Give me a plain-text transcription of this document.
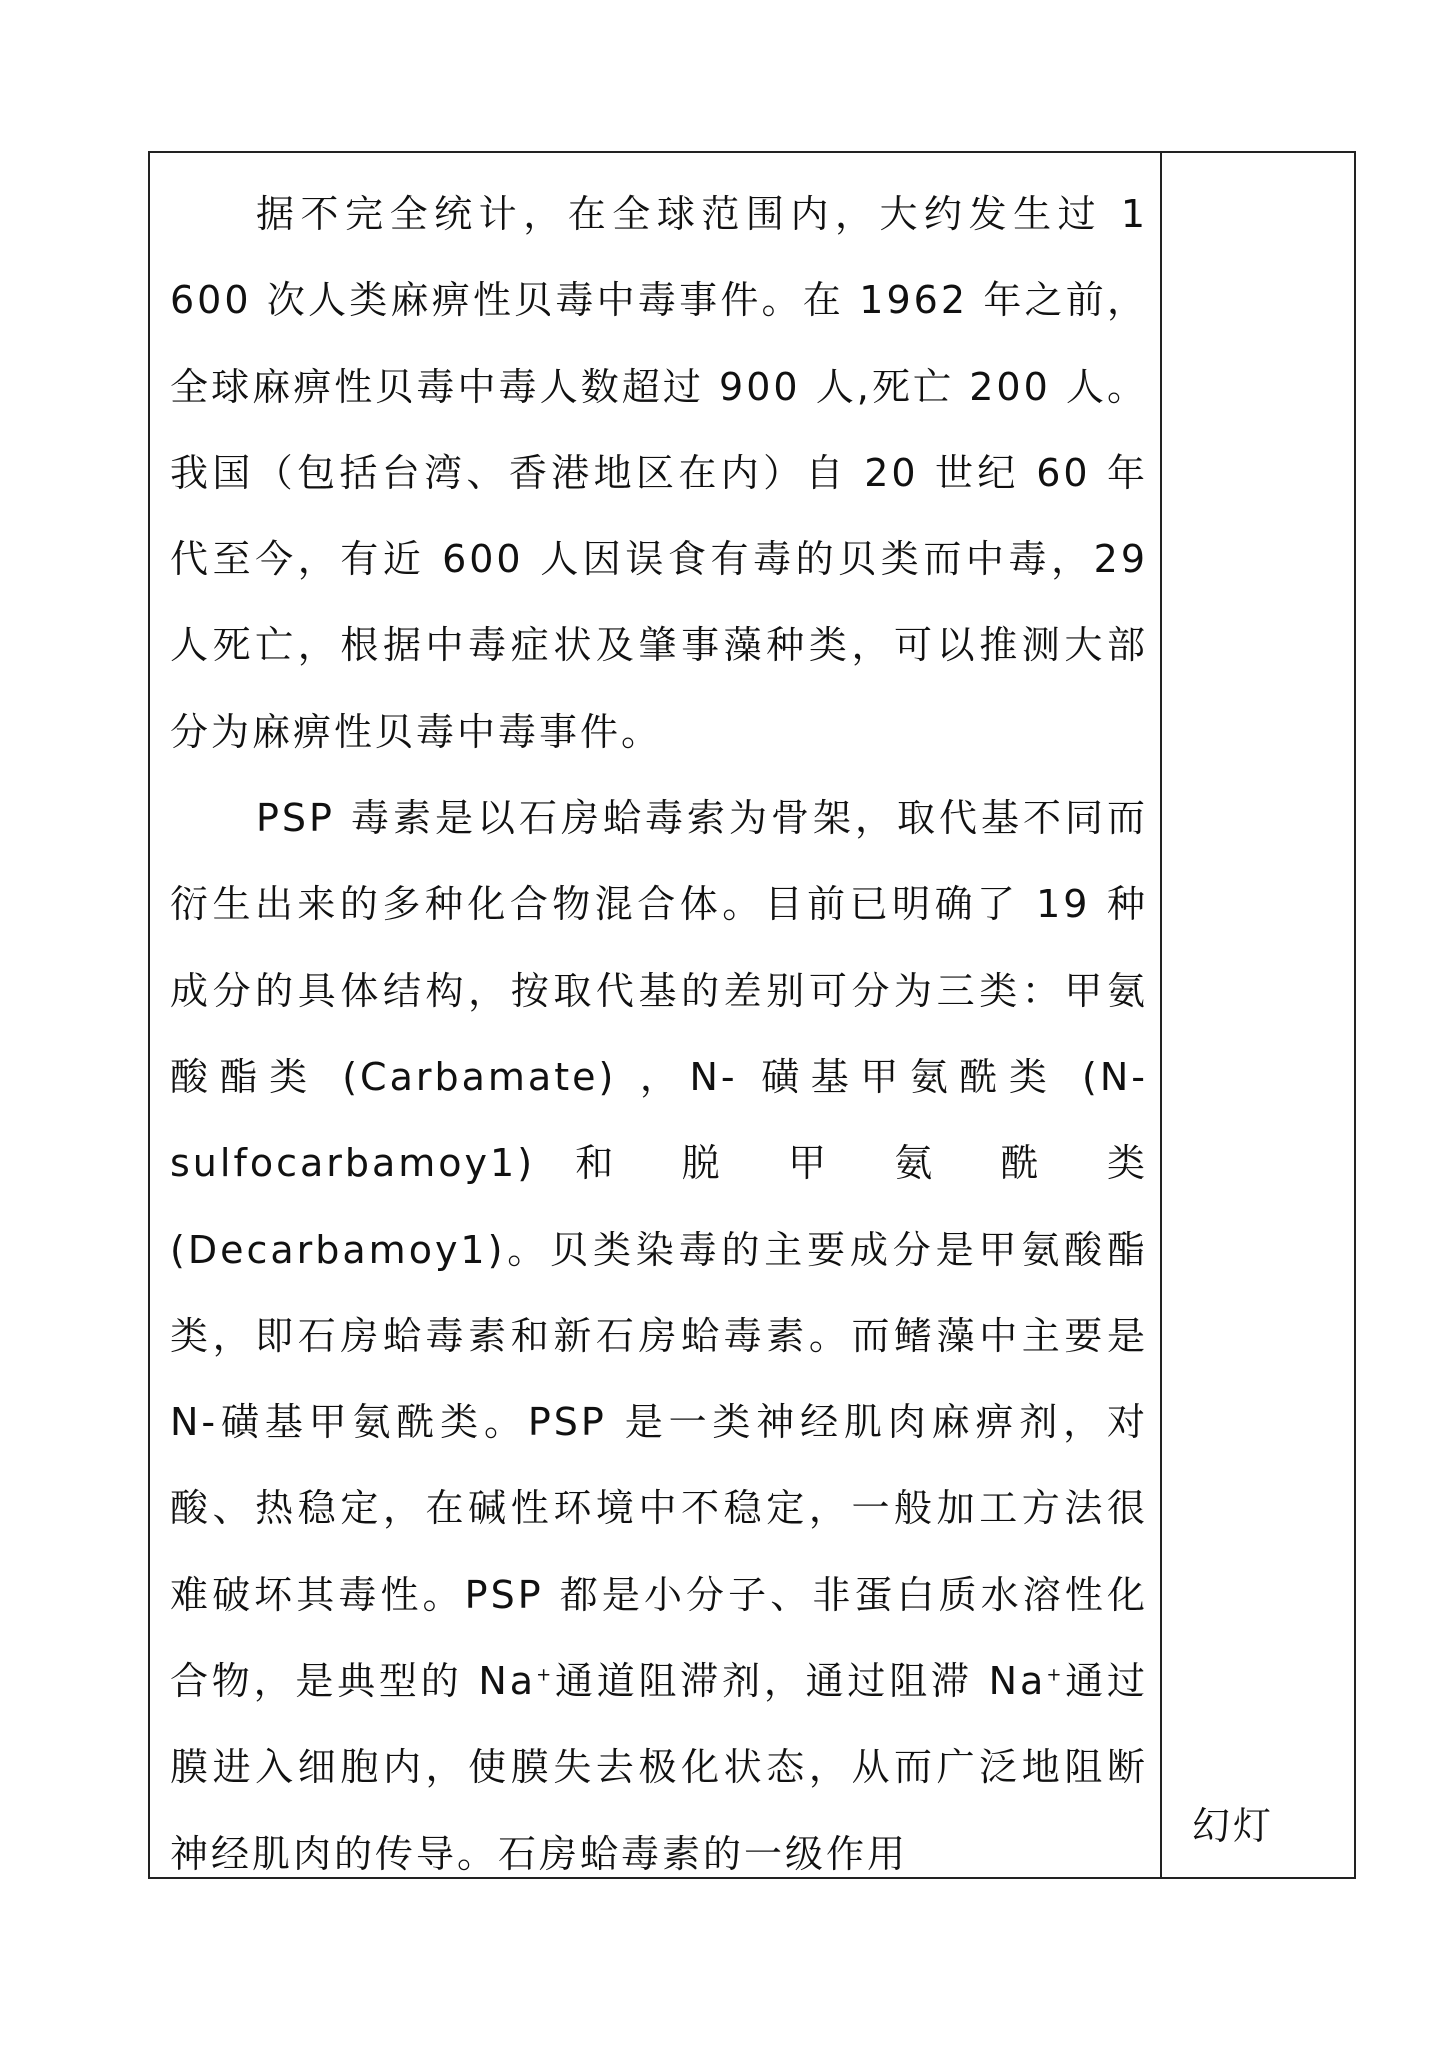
据不完全统计，在全球范围内，大约发生过 1 600 次人类麻痹性贝毒中毒事件。在 1962 年之前，全球麻痹性贝毒中毒人数超过 900 人,死亡 200 人。我国（包括台湾、香港地区在内）自 20 世纪 60 年代至今，有近 600 人因误食有毒的贝类而中毒，29 人死亡，根据中毒症状及肇事藻种类，可以推测大部分为麻痹性贝毒中毒事件。

PSP 毒素是以石房蛤毒索为骨架，取代基不同而衍生出来的多种化合物混合体。目前已明确了 19 种成分的具体结构，按取代基的差别可分为三类：甲氨酸酯类 (Carbamate) ，N- 磺基甲氨酰类 (N-sulfocarbamoy1) 和 脱 甲 氨 酰 类 (Decarbamoy1)。贝类染毒的主要成分是甲氨酸酯类，即石房蛤毒素和新石房蛤毒素。而鳍藻中主要是 N-磺基甲氨酰类。PSP 是一类神经肌肉麻痹剂，对酸、热稳定，在碱性环境中不稳定，一般加工方法很难破坏其毒性。PSP 都是小分子、非蛋白质水溶性化合物，是典型的 Na+通道阻滞剂，通过阻滞 Na+通过膜进入细胞内，使膜失去极化状态，从而广泛地阻断神经肌肉的传导。石房蛤毒素的一级作用

幻灯
